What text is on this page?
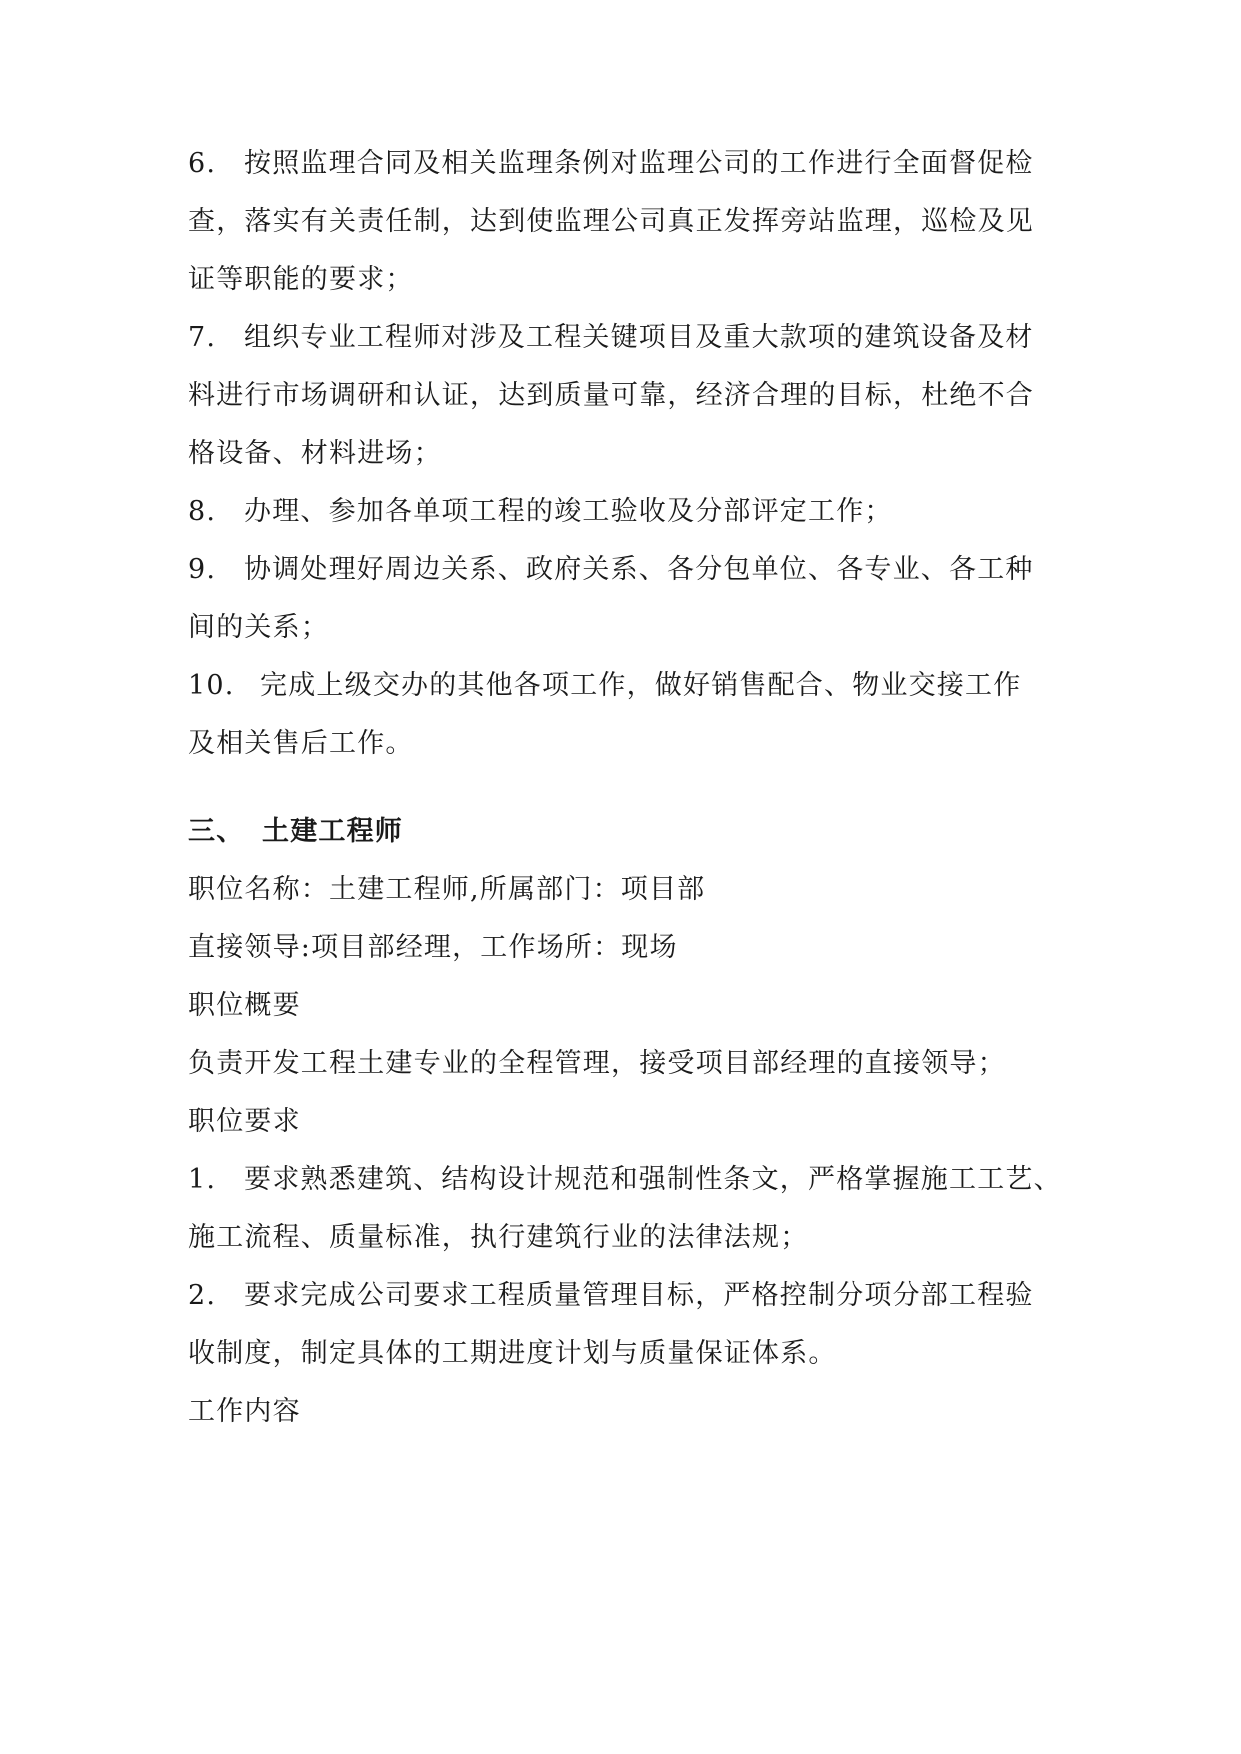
6. 按照监理合同及相关监理条例对监理公司的工作进行全面督促检

查，落实有关责任制，达到使监理公司真正发挥旁站监理，巡检及见

证等职能的要求；

7. 组织专业工程师对涉及工程关键项目及重大款项的建筑设备及材

料进行市场调研和认证，达到质量可靠，经济合理的目标，杜绝不合

格设备、材料进场；

8. 办理、参加各单项工程的竣工验收及分部评定工作；

9. 协调处理好周边关系、政府关系、各分包单位、各专业、各工种

间的关系；

10. 完成上级交办的其他各项工作，做好销售配合、物业交接工作

及相关售后工作。

三、 土建工程师

职位名称：土建工程师,所属部门：项目部

直接领导:项目部经理，工作场所：现场

职位概要

负责开发工程土建专业的全程管理，接受项目部经理的直接领导；

职位要求

1. 要求熟悉建筑、结构设计规范和强制性条文，严格掌握施工工艺、

施工流程、质量标准，执行建筑行业的法律法规；

2. 要求完成公司要求工程质量管理目标，严格控制分项分部工程验

收制度，制定具体的工期进度计划与质量保证体系。

工作内容
